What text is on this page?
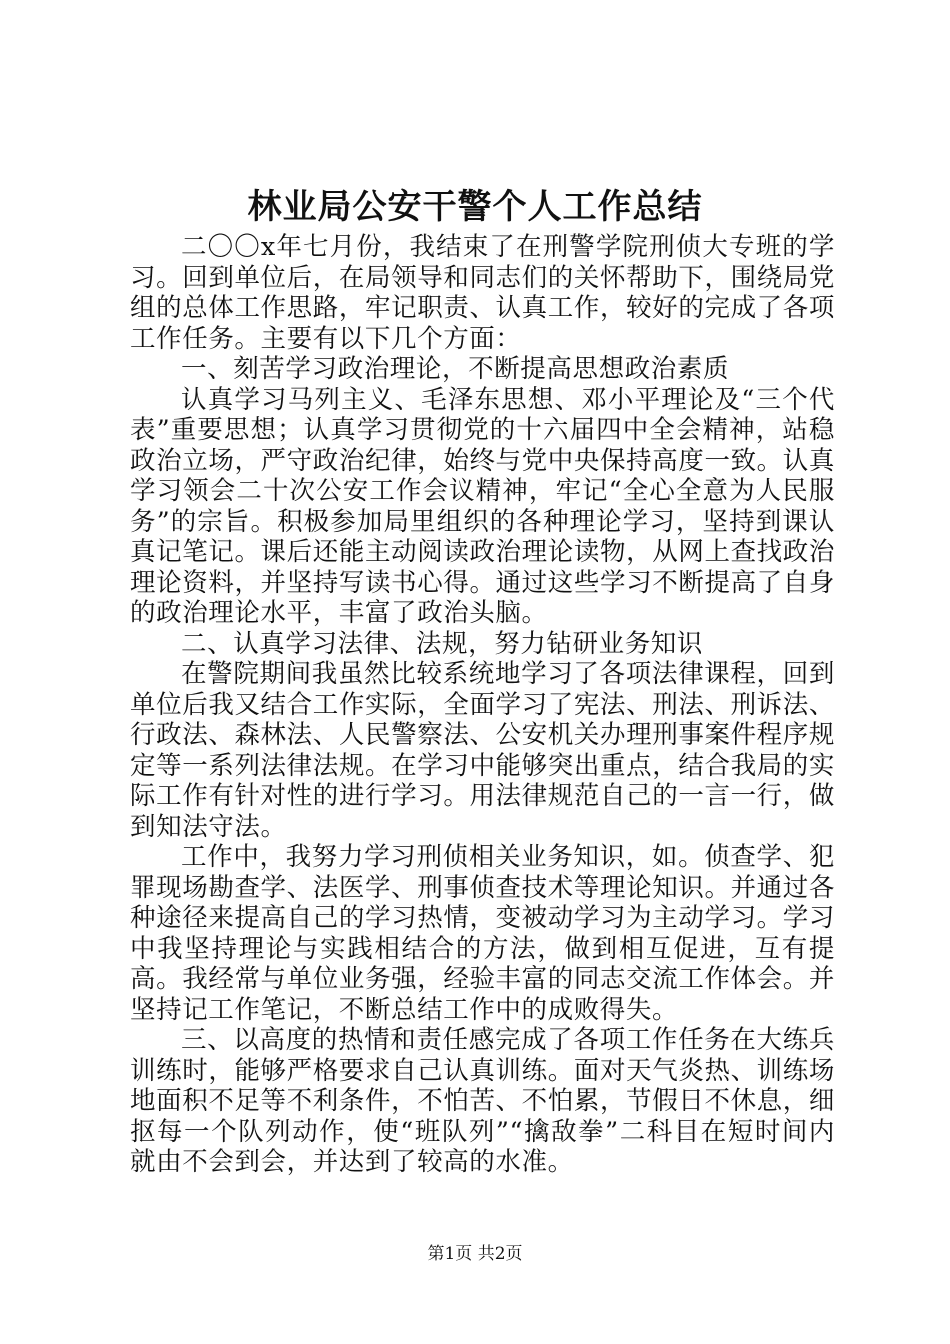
林业局公安干警个人工作总结

二〇〇x年七月份，我结束了在刑警学院刑侦大专班的学习。回到单位后，在局领导和同志们的关怀帮助下，围绕局党组的总体工作思路，牢记职责、认真工作，较好的完成了各项工作任务。主要有以下几个方面：

一、刻苦学习政治理论，不断提高思想政治素质

认真学习马列主义、毛泽东思想、邓小平理论及“三个代表”重要思想；认真学习贯彻党的十六届四中全会精神，站稳政治立场，严守政治纪律，始终与党中央保持高度一致。认真学习领会二十次公安工作会议精神，牢记“全心全意为人民服务”的宗旨。积极参加局里组织的各种理论学习，坚持到课认真记笔记。课后还能主动阅读政治理论读物，从网上查找政治理论资料，并坚持写读书心得。通过这些学习不断提高了自身的政治理论水平，丰富了政治头脑。

二、认真学习法律、法规，努力钻研业务知识

在警院期间我虽然比较系统地学习了各项法律课程，回到单位后我又结合工作实际，全面学习了宪法、刑法、刑诉法、行政法、森林法、人民警察法、公安机关办理刑事案件程序规定等一系列法律法规。在学习中能够突出重点，结合我局的实际工作有针对性的进行学习。用法律规范自己的一言一行，做到知法守法。

工作中，我努力学习刑侦相关业务知识，如。侦查学、犯罪现场勘查学、法医学、刑事侦查技术等理论知识。并通过各种途径来提高自己的学习热情，变被动学习为主动学习。学习中我坚持理论与实践相结合的方法，做到相互促进，互有提高。我经常与单位业务强，经验丰富的同志交流工作体会。并坚持记工作笔记，不断总结工作中的成败得失。

三、以高度的热情和责任感完成了各项工作任务在大练兵训练时，能够严格要求自己认真训练。面对天气炎热、训练场地面积不足等不利条件，不怕苦、不怕累，节假日不休息，细抠每一个队列动作，使“班队列”“擒敌拳”二科目在短时间内就由不会到会，并达到了较高的水准。

第1页 共2页
